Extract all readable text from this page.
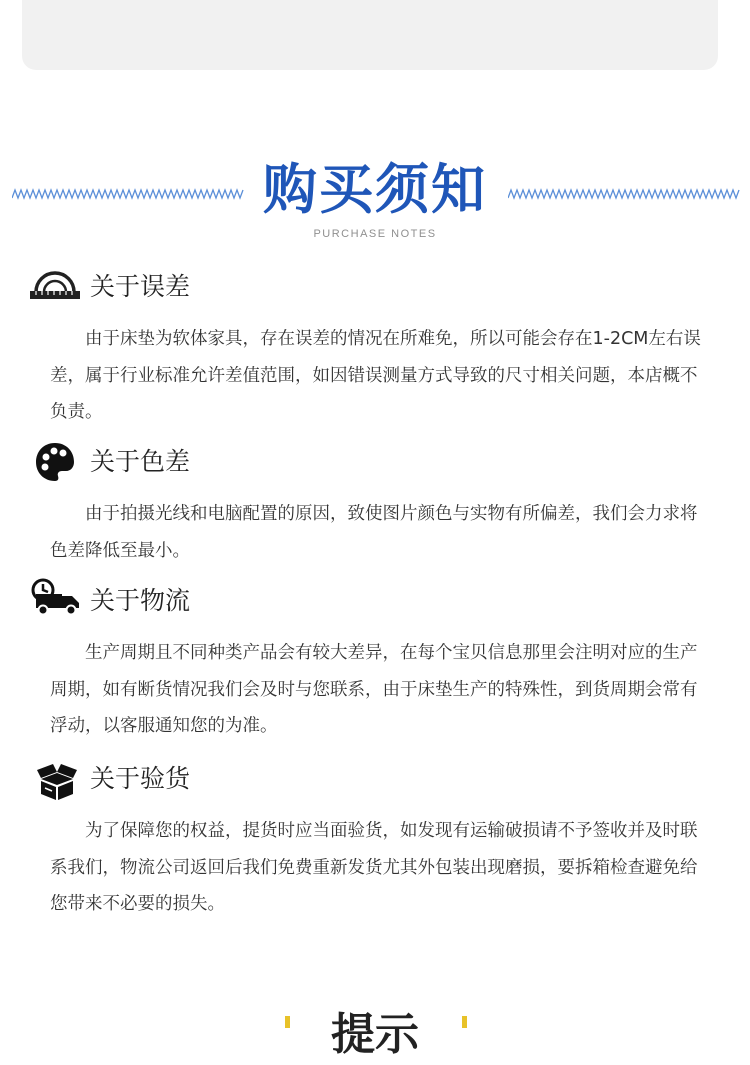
购买须知
PURCHASE NOTES
关于误差

由于床垫为软体家具，存在误差的情况在所难免，所以可能会存在1-2CM左右误差，属于行业标准允许差值范围，如因错误测量方式导致的尺寸相关问题，本店概不负责。

关于色差

由于拍摄光线和电脑配置的原因，致使图片颜色与实物有所偏差，我们会力求将色差降低至最小。

关于物流

生产周期且不同种类产品会有较大差异，在每个宝贝信息那里会注明对应的生产周期，如有断货情况我们会及时与您联系，由于床垫生产的特殊性，到货周期会常有浮动，以客服通知您的为准。

关于验货

为了保障您的权益，提货时应当面验货，如发现有运输破损请不予签收并及时联系我们，物流公司返回后我们免费重新发货尤其外包装出现磨损，要拆箱检查避免给您带来不必要的损失。

提示
